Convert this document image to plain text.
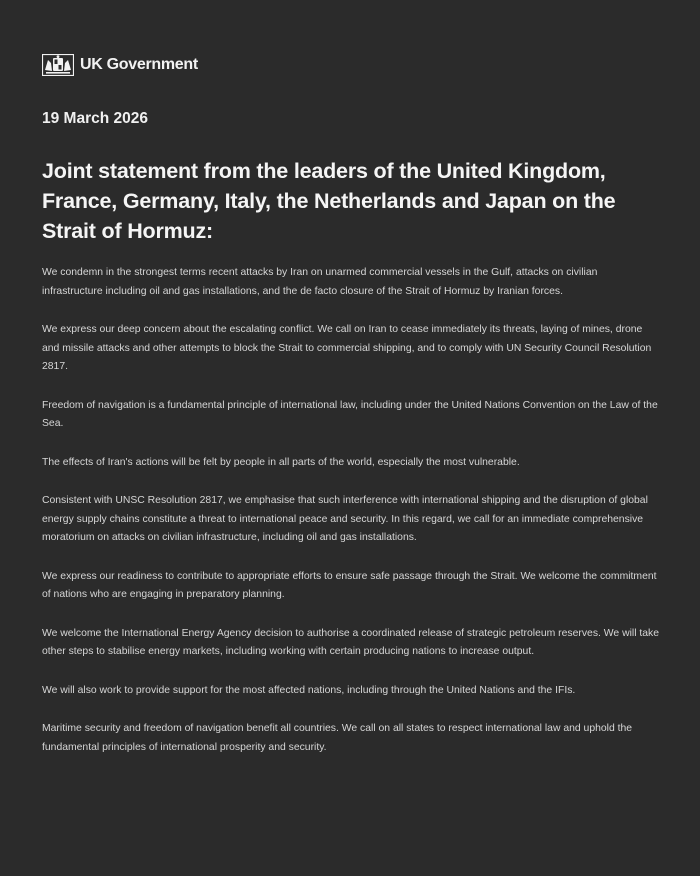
UK Government
19 March 2026
Joint statement from the leaders of the United Kingdom, France, Germany, Italy, the Netherlands and Japan on the Strait of Hormuz:

We condemn in the strongest terms recent attacks by Iran on unarmed commercial vessels in the Gulf, attacks on civilian infrastructure including oil and gas installations, and the de facto closure of the Strait of Hormuz by Iranian forces.

We express our deep concern about the escalating conflict. We call on Iran to cease immediately its threats, laying of mines, drone and missile attacks and other attempts to block the Strait to commercial shipping, and to comply with UN Security Council Resolution 2817.

Freedom of navigation is a fundamental principle of international law, including under the United Nations Convention on the Law of the Sea.

The effects of Iran's actions will be felt by people in all parts of the world, especially the most vulnerable.

Consistent with UNSC Resolution 2817, we emphasise that such interference with international shipping and the disruption of global energy supply chains constitute a threat to international peace and security. In this regard, we call for an immediate comprehensive moratorium on attacks on civilian infrastructure, including oil and gas installations.

We express our readiness to contribute to appropriate efforts to ensure safe passage through the Strait. We welcome the commitment of nations who are engaging in preparatory planning.

We welcome the International Energy Agency decision to authorise a coordinated release of strategic petroleum reserves. We will take other steps to stabilise energy markets, including working with certain producing nations to increase output.

We will also work to provide support for the most affected nations, including through the United Nations and the IFIs.

Maritime security and freedom of navigation benefit all countries. We call on all states to respect international law and uphold the fundamental principles of international prosperity and security.
